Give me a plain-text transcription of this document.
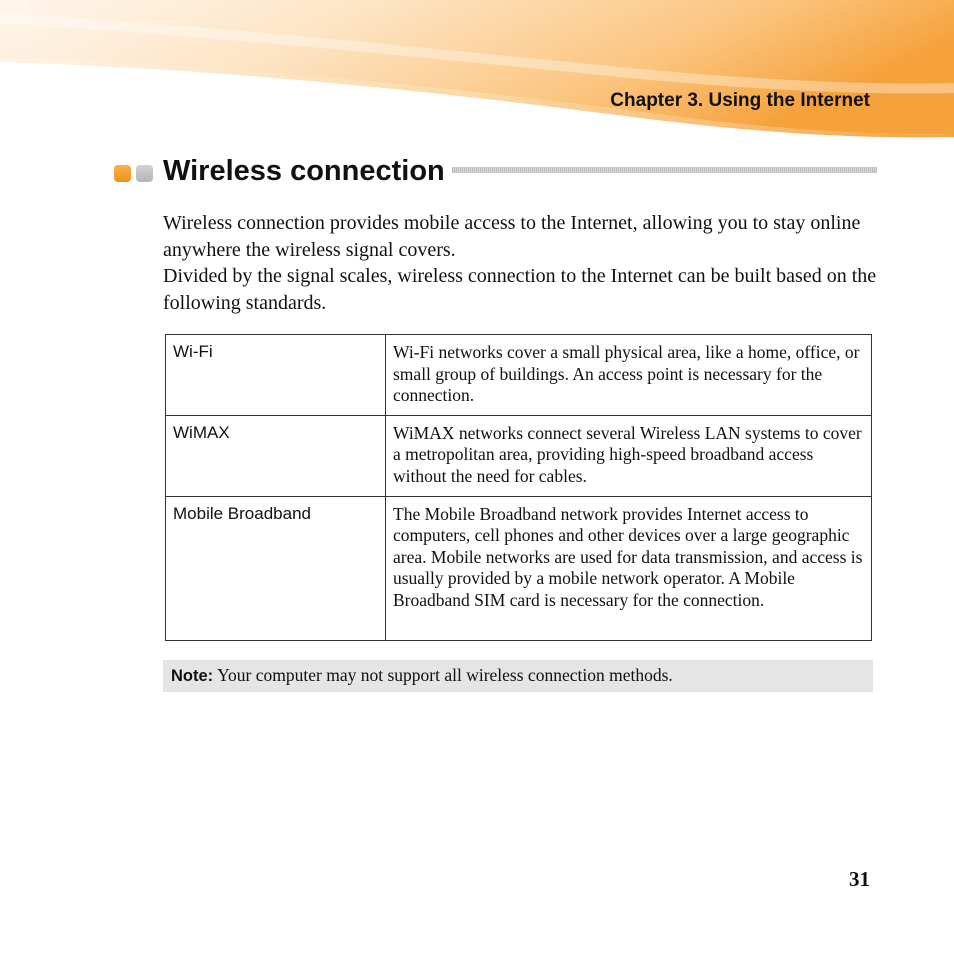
Chapter 3. Using the Internet
Wireless connection

Wireless connection provides mobile access to the Internet, allowing you to stay online anywhere the wireless signal covers.

Divided by the signal scales, wireless connection to the Internet can be built based on the following standards.

Wi-Fi	Wi-Fi networks cover a small physical area, like a home, office, or small group of buildings. An access point is necessary for the connection.

WiMAX	WiMAX networks connect several Wireless LAN systems to cover a metropolitan area, providing high-speed broadband access without the need for cables.

Mobile Broadband	The Mobile Broadband network provides Internet access to computers, cell phones and other devices over a large geographic area. Mobile networks are used for data transmission, and access is usually provided by a mobile network operator. A Mobile Broadband SIM card is necessary for the connection.
Note: Your computer may not support all wireless connection methods.
31
